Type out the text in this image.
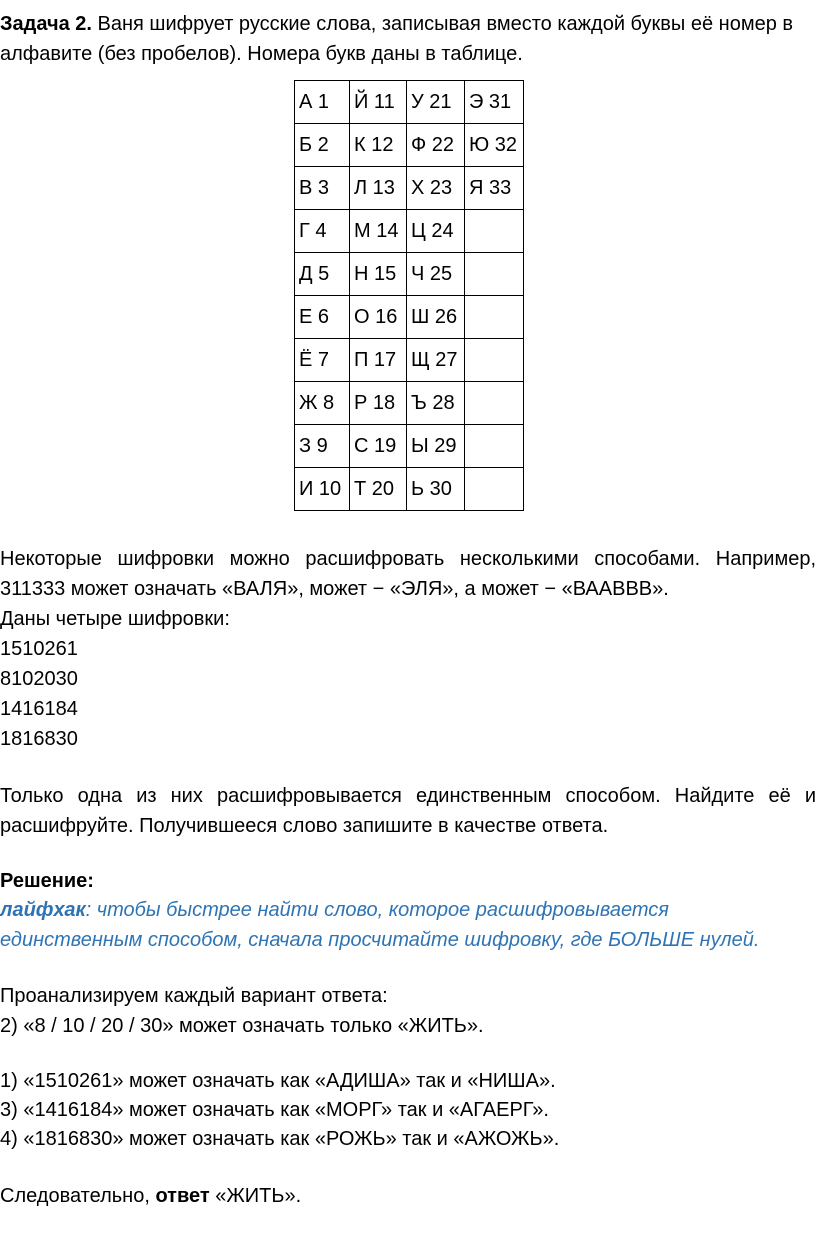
Задача 2. Ваня шифрует русские слова, записывая вместо каждой буквы её номер в
алфавите (без пробелов). Номера букв даны в таблице.
А 1	Й 11	У 21	Э 31
Б 2	К 12	Ф 22	Ю 32
В 3	Л 13	Х 23	Я 33
Г 4	М 14	Ц 24	
Д 5	Н 15	Ч 25	
Е 6	О 16	Ш 26	
Ё 7	П 17	Щ 27	
Ж 8	Р 18	Ъ 28	
З 9	С 19	Ы 29	
И 10	Т 20	Ь 30	
Некоторые шифровки можно расшифровать несколькими способами. Например,
311333 может означать «ВАЛЯ», может − «ЭЛЯ», а может − «ВААВВВ».
Даны четыре шифровки:
1510261
8102030
1416184
1816830
Только одна из них расшифровывается единственным способом. Найдите её и
расшифруйте. Получившееся слово запишите в качестве ответа.
Решение:
лайфхак: чтобы быстрее найти слово, которое расшифровывается
единственным способом, сначала просчитайте шифровку, где БОЛЬШЕ нулей.
Проанализируем каждый вариант ответа:
2) «8 / 10 / 20 / 30» может означать только «ЖИТЬ».
1) «1510261» может означать как «АДИША» так и «НИША».
3) «1416184» может означать как «МОРГ» так и «АГАЕРГ».
4) «1816830» может означать как «РОЖЬ» так и «АЖОЖЬ».
Следовательно, ответ «ЖИТЬ».
